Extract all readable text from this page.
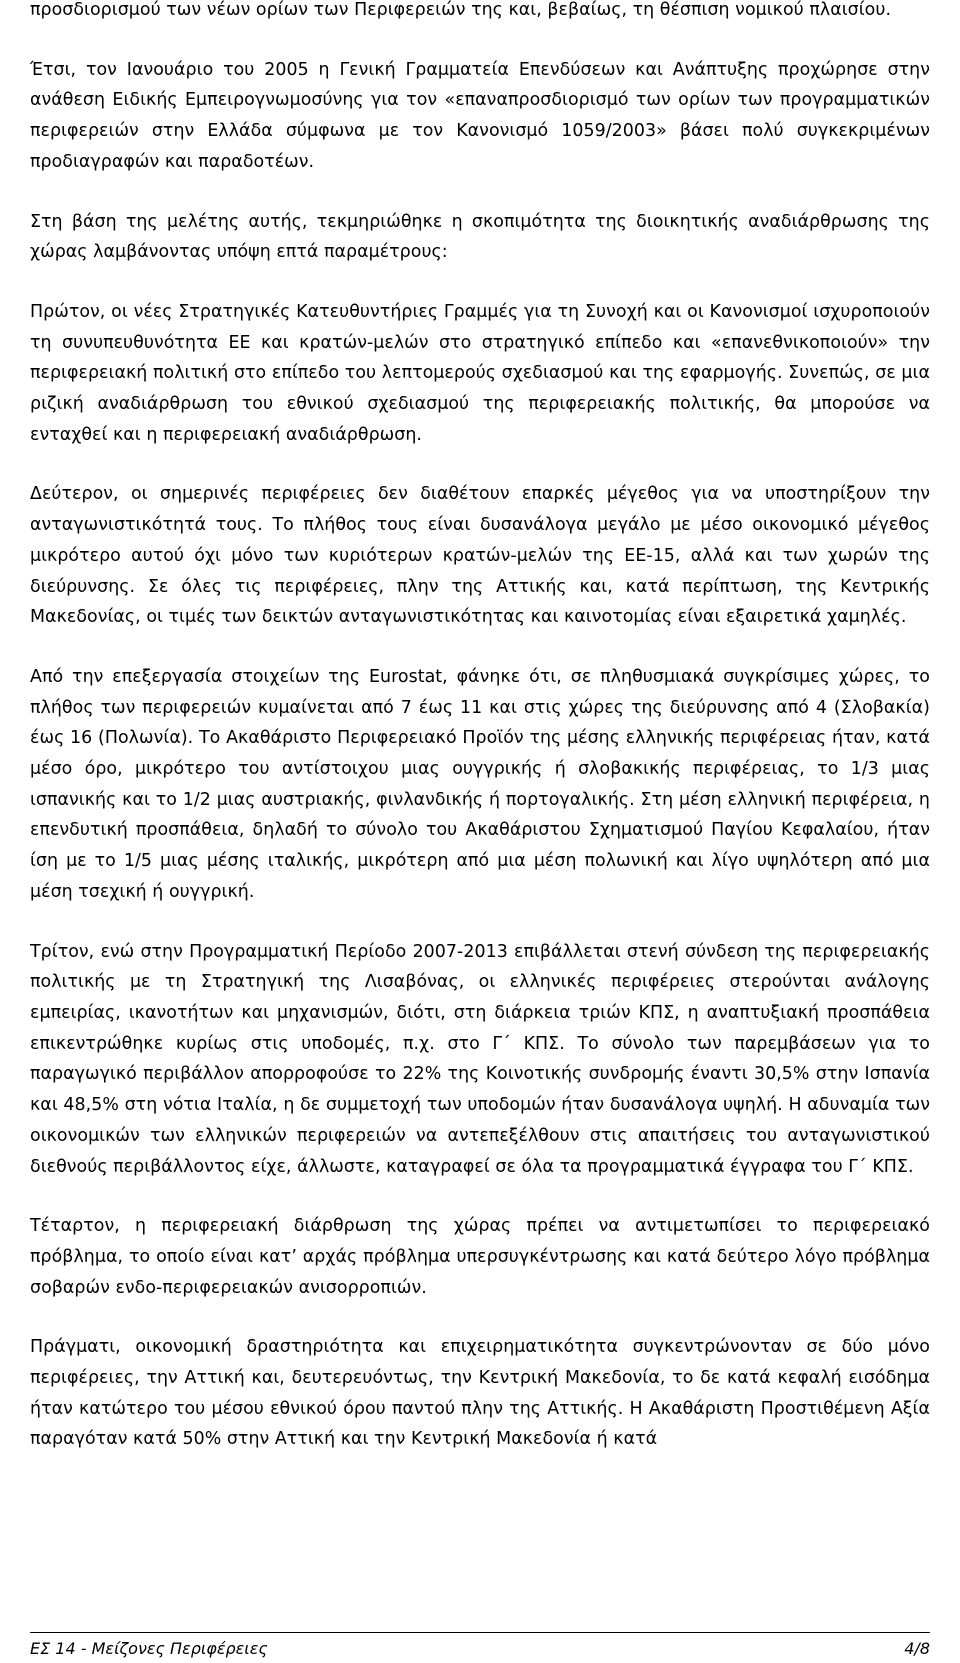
προσδιορισμού των νέων ορίων των Περιφερειών της και, βεβαίως, τη θέσπιση νομικού πλαισίου.

Έτσι, τον Ιανουάριο του 2005 η Γενική Γραμματεία Επενδύσεων και Ανάπτυξης προχώρησε στην ανάθεση Ειδικής Εμπειρογνωμοσύνης για τον «επαναπροσδιορισμό των ορίων των προγραμματικών περιφερειών στην Ελλάδα σύμφωνα με τον Κανονισμό 1059/2003» βάσει πολύ συγκεκριμένων προδιαγραφών και παραδοτέων.

Στη βάση της μελέτης αυτής, τεκμηριώθηκε η σκοπιμότητα της διοικητικής αναδιάρθρωσης της χώρας λαμβάνοντας υπόψη επτά παραμέτρους:

Πρώτον, οι νέες Στρατηγικές Κατευθυντήριες Γραμμές για τη Συνοχή και οι Κανονισμοί ισχυροποιούν τη συνυπευθυνότητα ΕΕ και κρατών-μελών στο στρατηγικό επίπεδο και «επανεθνικοποιούν» την περιφερειακή πολιτική στο επίπεδο του λεπτομερούς σχεδιασμού και της εφαρμογής. Συνεπώς, σε μια ριζική αναδιάρθρωση του εθνικού σχεδιασμού της περιφερειακής πολιτικής, θα μπορούσε να ενταχθεί και η περιφερειακή αναδιάρθρωση.

Δεύτερον, οι σημερινές περιφέρειες δεν διαθέτουν επαρκές μέγεθος για να υποστηρίξουν την ανταγωνιστικότητά τους. Το πλήθος τους είναι δυσανάλογα μεγάλο με μέσο οικονομικό μέγεθος μικρότερο αυτού όχι μόνο των κυριότερων κρατών-μελών της ΕΕ-15, αλλά και των χωρών της διεύρυνσης. Σε όλες τις περιφέρειες, πλην της Αττικής και, κατά περίπτωση, της Κεντρικής Μακεδονίας, οι τιμές των δεικτών ανταγωνιστικότητας και καινοτομίας είναι εξαιρετικά χαμηλές.

Από την επεξεργασία στοιχείων της Eurostat, φάνηκε ότι, σε πληθυσμιακά συγκρίσιμες χώρες, το πλήθος των περιφερειών κυμαίνεται από 7 έως 11 και στις χώρες της διεύρυνσης από 4 (Σλοβακία) έως 16 (Πολωνία). Το Ακαθάριστο Περιφερειακό Προϊόν της μέσης ελληνικής περιφέρειας ήταν, κατά μέσο όρο, μικρότερο του αντίστοιχου μιας ουγγρικής ή σλοβακικής περιφέρειας, το 1/3 μιας ισπανικής και το 1/2 μιας αυστριακής, φινλανδικής ή πορτογαλικής. Στη μέση ελληνική περιφέρεια, η επενδυτική προσπάθεια, δηλαδή το σύνολο του Ακαθάριστου Σχηματισμού Παγίου Κεφαλαίου, ήταν ίση με το 1/5 μιας μέσης ιταλικής, μικρότερη από μια μέση πολωνική και λίγο υψηλότερη από μια μέση τσεχική ή ουγγρική.

Τρίτον, ενώ στην Προγραμματική Περίοδο 2007-2013 επιβάλλεται στενή σύνδεση της περιφερειακής πολιτικής με τη Στρατηγική της Λισαβόνας, οι ελληνικές περιφέρειες στερούνται ανάλογης εμπειρίας, ικανοτήτων και μηχανισμών, διότι, στη διάρκεια τριών ΚΠΣ, η αναπτυξιακή προσπάθεια επικεντρώθηκε κυρίως στις υποδομές, π.χ. στο Γ΄ ΚΠΣ. Το σύνολο των παρεμβάσεων για το παραγωγικό περιβάλλον απορροφούσε το 22% της Κοινοτικής συνδρομής έναντι 30,5% στην Ισπανία και 48,5% στη νότια Ιταλία, η δε συμμετοχή των υποδομών ήταν δυσανάλογα υψηλή. Η αδυναμία των οικονομικών των ελληνικών περιφερειών να αντεπεξέλθουν στις απαιτήσεις του ανταγωνιστικού διεθνούς περιβάλλοντος είχε, άλλωστε, καταγραφεί σε όλα τα προγραμματικά έγγραφα του Γ΄ ΚΠΣ.

Τέταρτον, η περιφερειακή διάρθρωση της χώρας πρέπει να αντιμετωπίσει το περιφερειακό πρόβλημα, το οποίο είναι κατ’ αρχάς πρόβλημα υπερσυγκέντρωσης και κατά δεύτερο λόγο πρόβλημα σοβαρών ενδο-περιφερειακών ανισορροπιών.

Πράγματι, οικονομική δραστηριότητα και επιχειρηματικότητα συγκεντρώνονταν σε δύο μόνο περιφέρειες, την Αττική και, δευτερευόντως, την Κεντρική Μακεδονία, το δε κατά κεφαλή εισόδημα ήταν κατώτερο του μέσου εθνικού όρου παντού πλην της Αττικής. Η Ακαθάριστη Προστιθέμενη Αξία παραγόταν κατά 50% στην Αττική και την Κεντρική Μακεδονία ή κατά

ΕΣ 14 - Μείζονες Περιφέρειες	4/8
